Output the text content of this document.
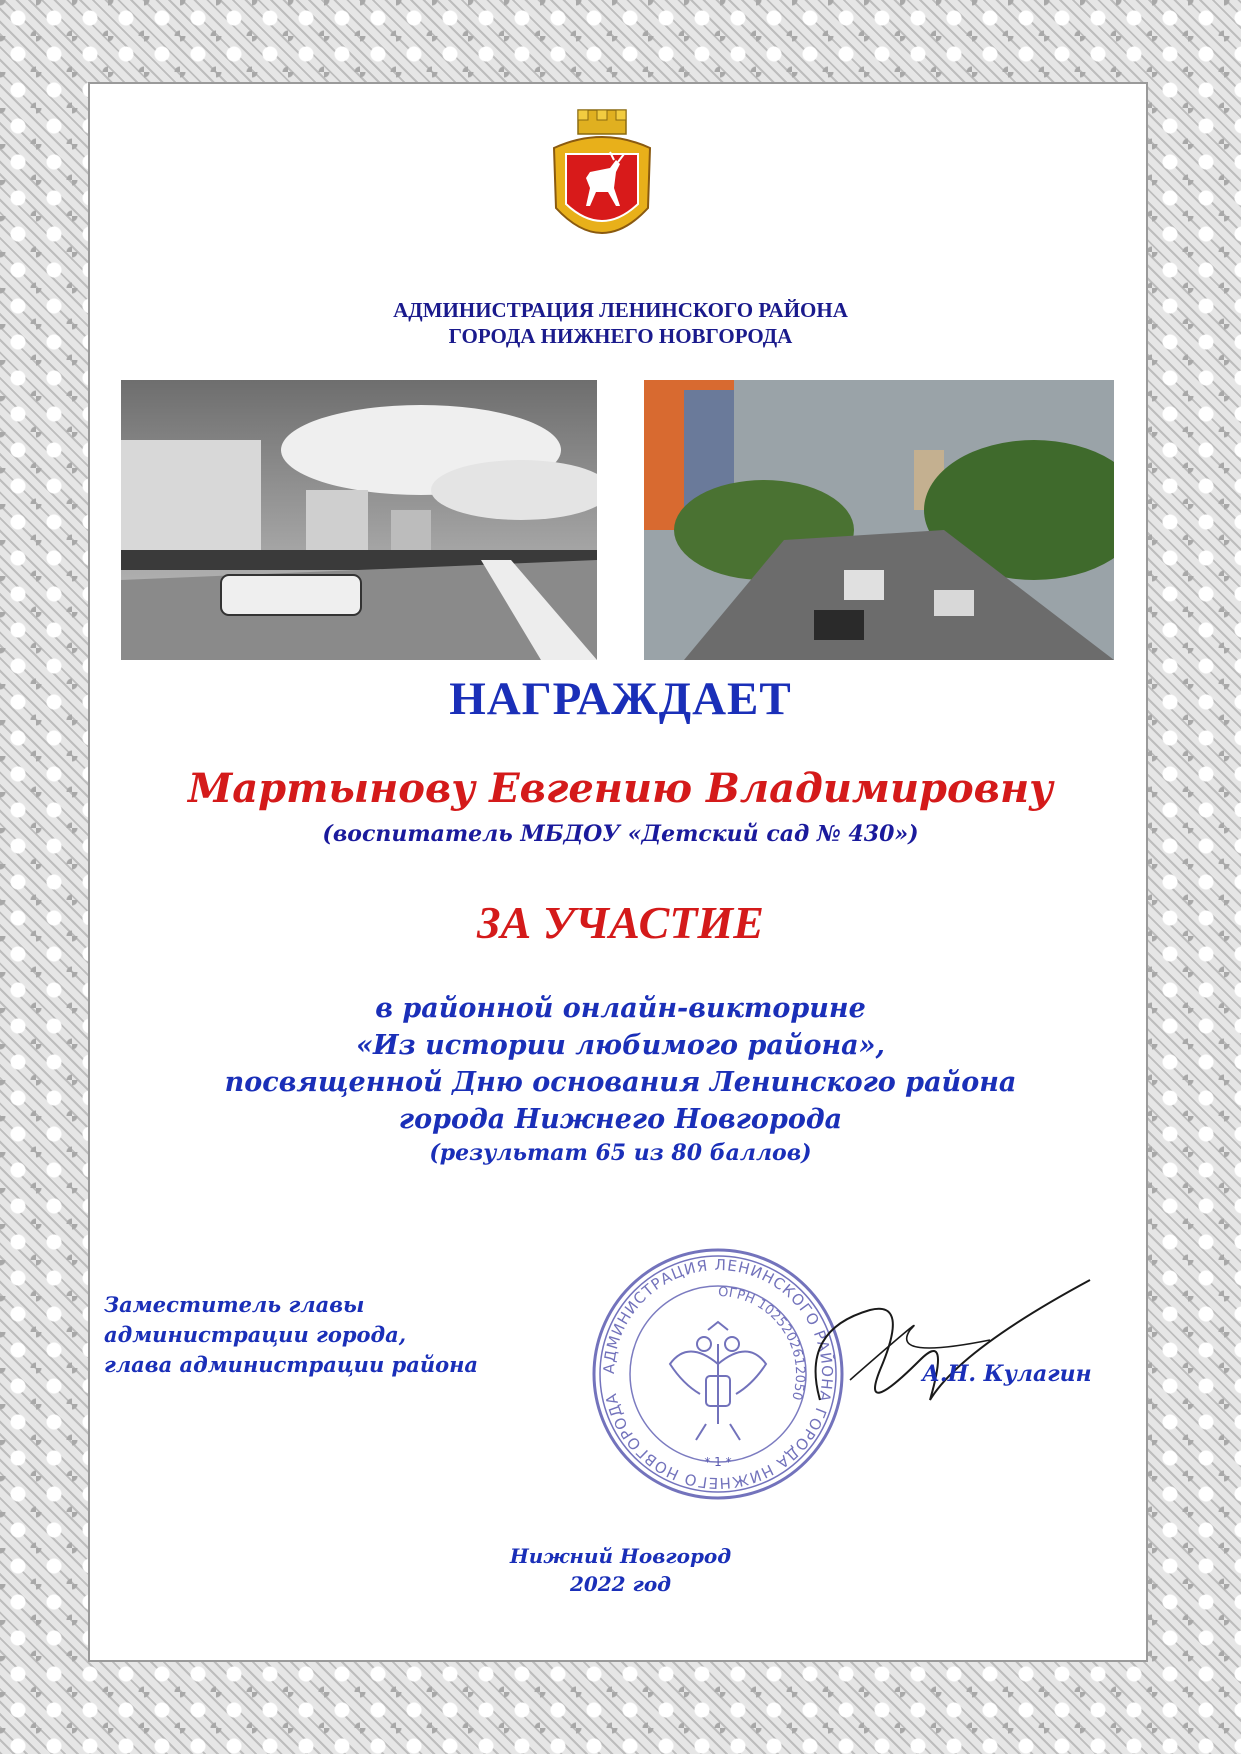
АДМИНИСТРАЦИЯ ЛЕНИНСКОГО РАЙОНА
ГОРОДА НИЖНЕГО НОВГОРОДА
НАГРАЖДАЕТ
Мартынову Евгению Владимировну
(воспитатель МБДОУ «Детский сад № 430»)
ЗА УЧАСТИЕ
в районной онлайн-викторине
«Из истории любимого района»,
посвященной Дню основания Ленинского района
города Нижнего Новгорода
(результат 65 из 80 баллов)
Заместитель главы
администрации города,
глава администрации района	АДМИНИСТРАЦИЯ ЛЕНИНСКОГО РАЙОНА ГОРОДА НИЖНЕГО НОВГОРОДА
ОГРН 1025202612050
* 1 *
А.Н. Кулагин
Нижний Новгород
2022 год
